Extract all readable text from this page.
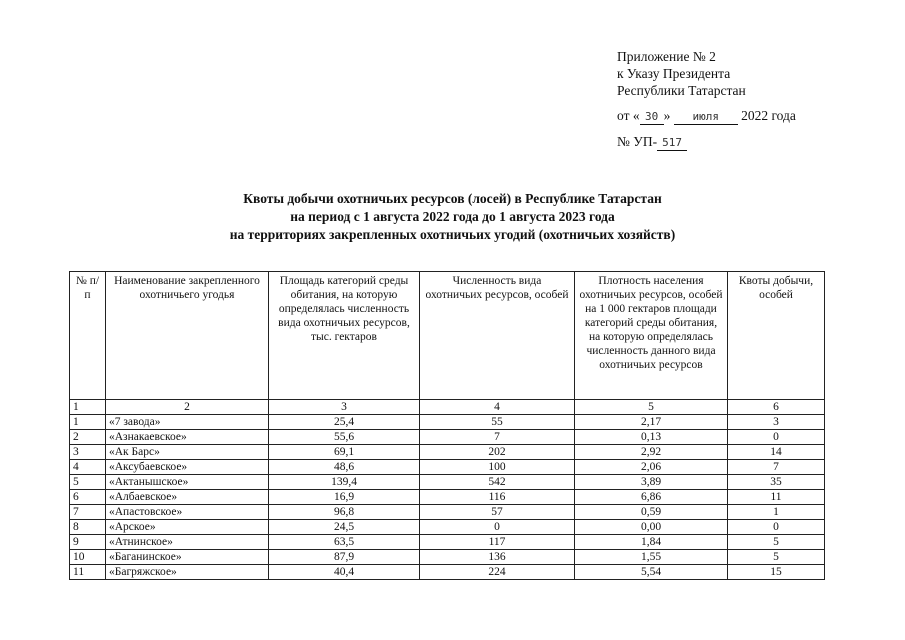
Приложение № 2
к Указу Президента
Республики Татарстан
от « 30 » июля 2022 года
№ УП- 517
Квоты добычи охотничьих ресурсов (лосей) в Республике Татарстан
на период с 1 августа 2022 года до 1 августа 2023 года
на территориях закрепленных охотничьих угодий (охотничьих хозяйств)
№ п/п	Наименование закрепленного охотничьего угодья	Площадь категорий среды обитания, на которую определялась численность вида охотничьих ресурсов, тыс. гектаров	Численность вида охотничьих ресурсов, особей	Плотность населения охотничьих ресурсов, особей на 1 000 гектаров площади категорий среды обитания, на которую определялась численность данного вида охотничьих ресурсов	Квоты добычи, особей
1	2	3	4	5	6
1	«7 завода»	25,4	55	2,17	3
2	«Азнакаевское»	55,6	7	0,13	0
3	«Ак Барс»	69,1	202	2,92	14
4	«Аксубаевское»	48,6	100	2,06	7
5	«Актанышское»	139,4	542	3,89	35
6	«Албаевское»	16,9	116	6,86	11
7	«Апастовское»	96,8	57	0,59	1
8	«Арское»	24,5	0	0,00	0
9	«Атнинское»	63,5	117	1,84	5
10	«Баганинское»	87,9	136	1,55	5
11	«Багряжское»	40,4	224	5,54	15
